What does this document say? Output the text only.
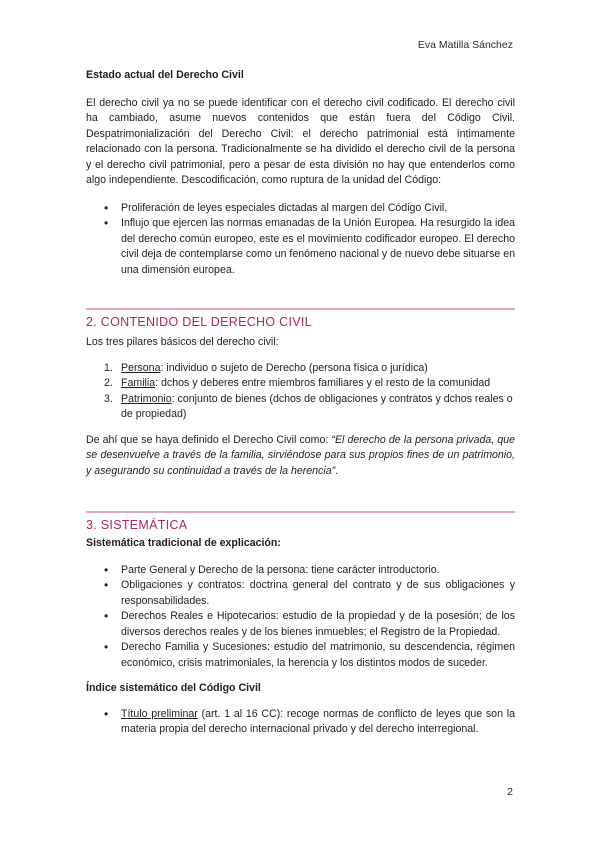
Eva Matilla Sánchez

Estado actual del Derecho Civil

El derecho civil ya no se puede identificar con el derecho civil codificado. El derecho civil ha cambiado, asume nuevos contenidos que están fuera del Código Civil. Despatrimonialización del Derecho Civil: el derecho patrimonial está íntimamente relacionado con la persona. Tradicionalmente se ha dividido el derecho civil de la persona y el derecho civil patrimonial, pero a pesar de esta división no hay que entenderlos como algo independiente. Descodificación, como ruptura de la unidad del Código:

• Proliferación de leyes especiales dictadas al margen del Código Civil.
• Influjo que ejercen las normas emanadas de la Unión Europea. Ha resurgido la idea del derecho común europeo, este es el movimiento codificador europeo. El derecho civil deja de contemplarse como un fenómeno nacional y de nuevo debe situarse en una dimensión europea.

2. CONTENIDO DEL DERECHO CIVIL

Los tres pilares básicos del derecho civil:

1. Persona: individuo o sujeto de Derecho (persona física o jurídica)
2. Familia: dchos y deberes entre miembros familiares y el resto de la comunidad
3. Patrimonio: conjunto de bienes (dchos de obligaciones y contratos y dchos reales o de propiedad)

De ahí que se haya definido el Derecho Civil como: “El derecho de la persona privada, que se desenvuelve a través de la familia, sirviéndose para sus propios fines de un patrimonio, y asegurando su continuidad a través de la herencia”.

3. SISTEMÁTICA

Sistemática tradicional de explicación:

• Parte General y Derecho de la persona: tiene carácter introductorio.
• Obligaciones y contratos: doctrina general del contrato y de sus obligaciones y responsabilidades.
• Derechos Reales e Hipotecarios: estudio de la propiedad y de la posesión; de los diversos derechos reales y de los bienes inmuebles; el Registro de la Propiedad.
• Derecho Familia y Sucesiones: estudio del matrimonio, su descendencia, régimen económico, crisis matrimoniales, la herencia y los distintos modos de suceder.

Índice sistemático del Código Civil

• Título preliminar (art. 1 al 16 CC): recoge normas de conflicto de leyes que son la materia propia del derecho internacional privado y del derecho interregional.
2
